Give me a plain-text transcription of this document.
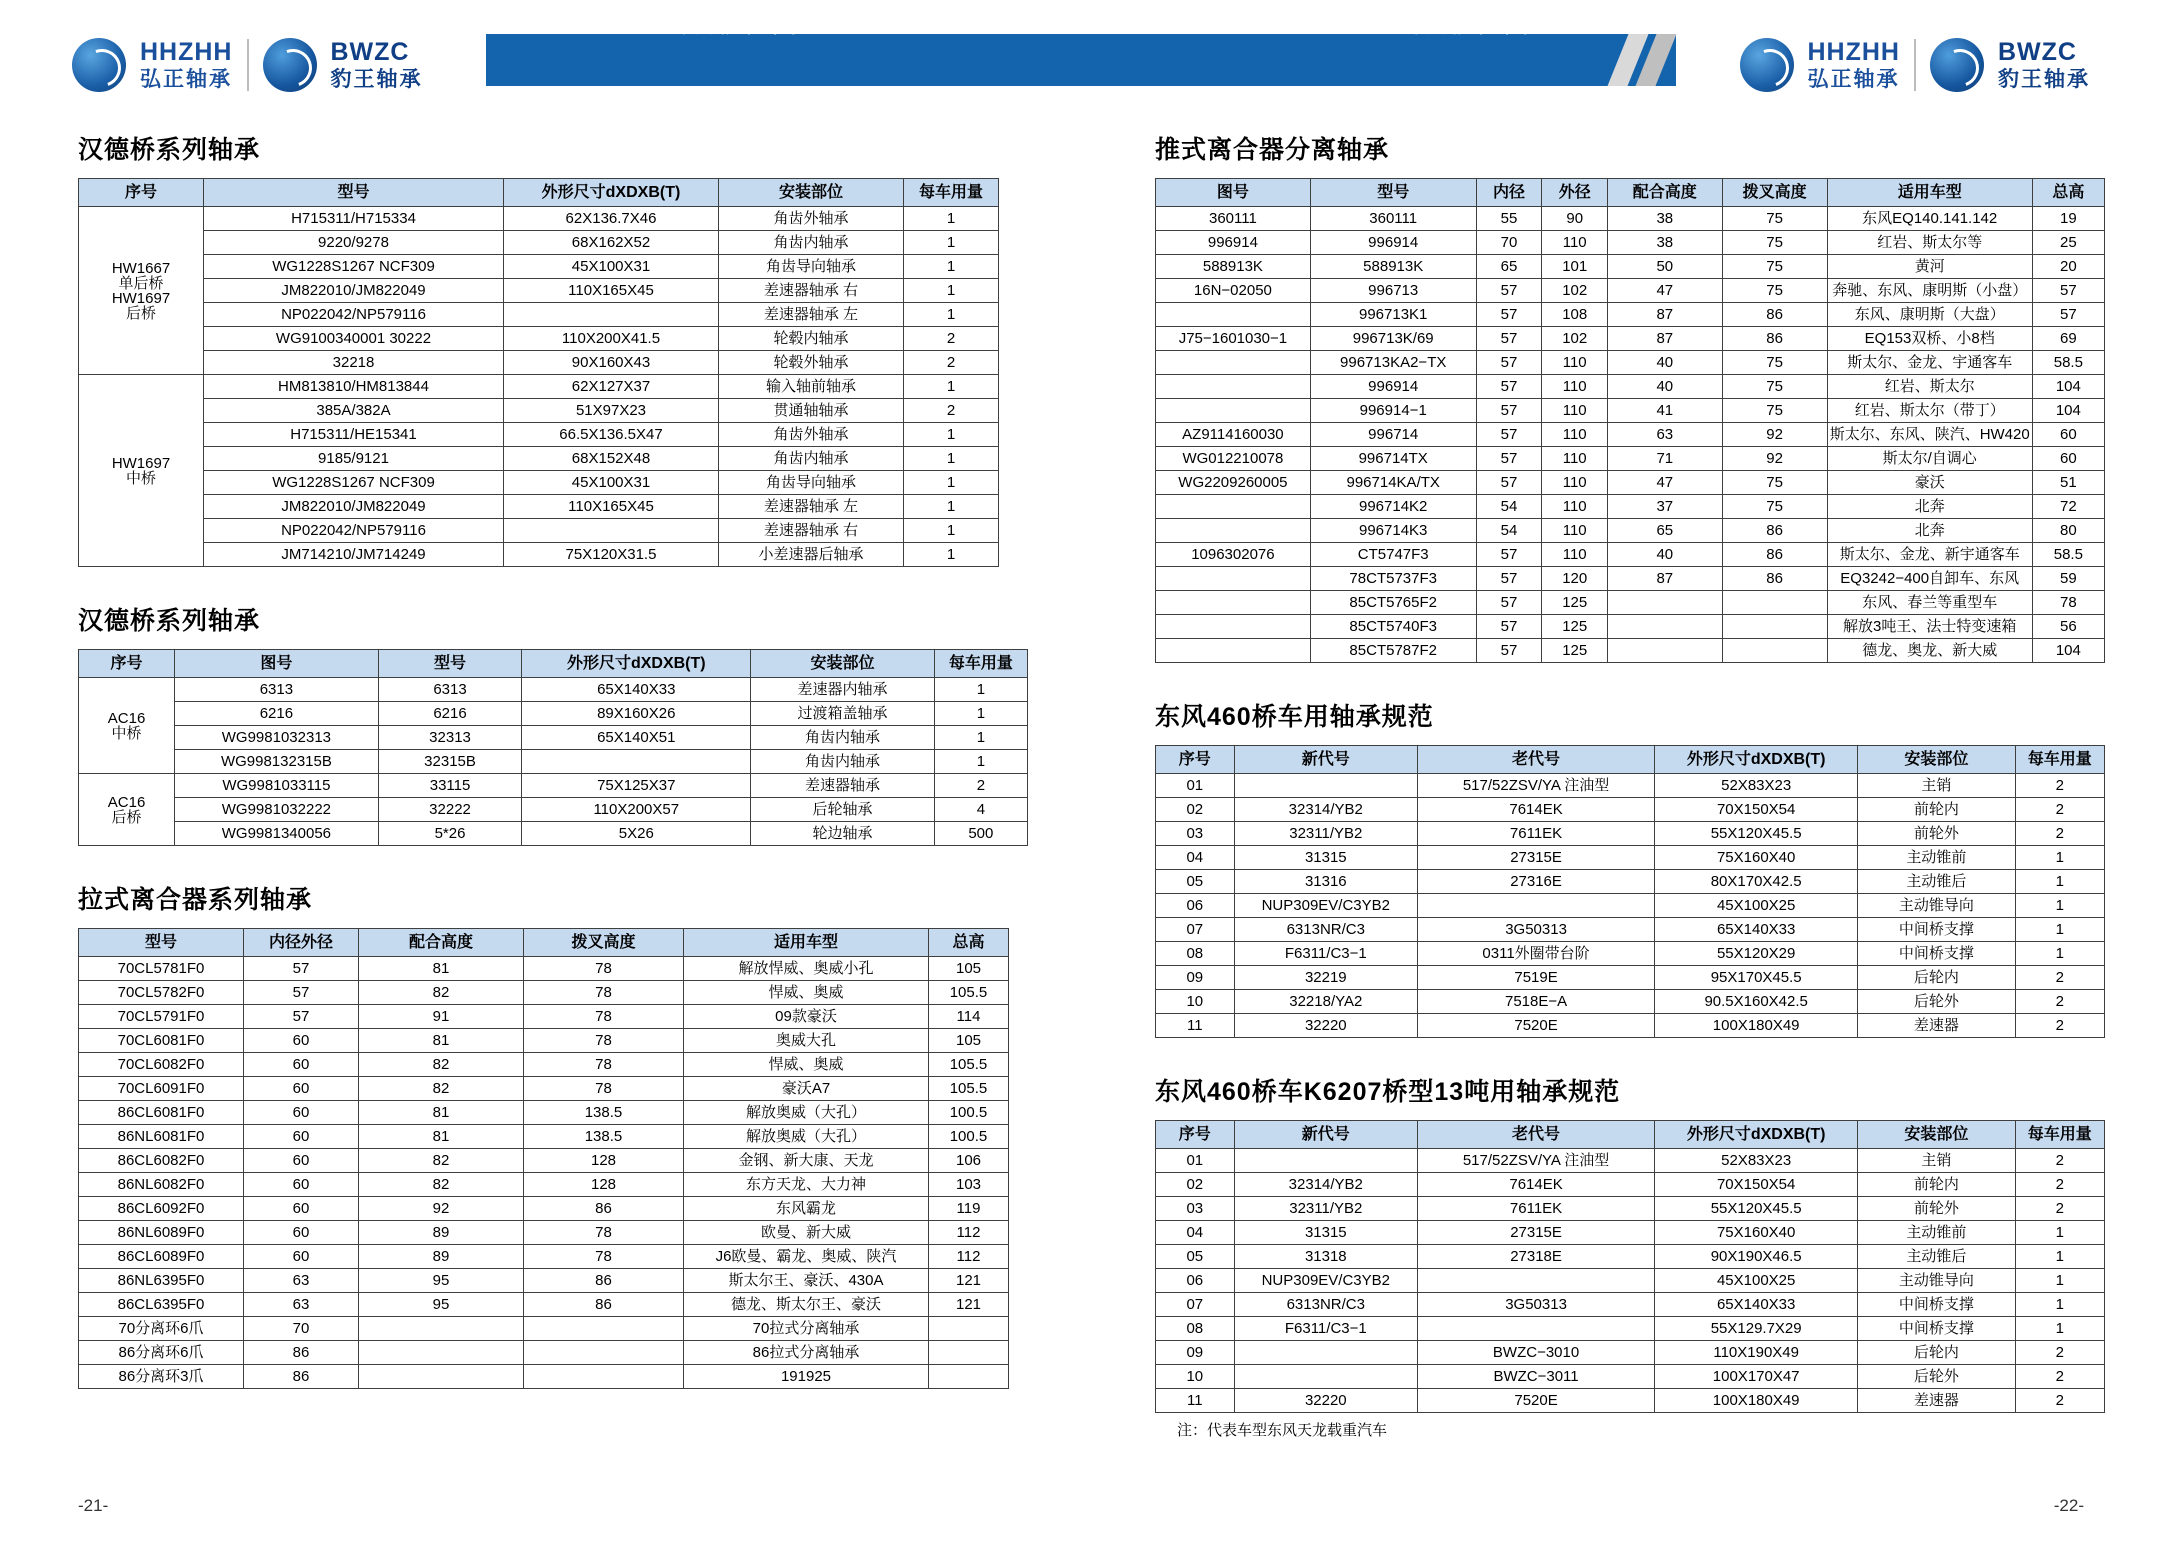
HHZHH
弘正轴承
BWZC
豹王轴承
100%车用轴承专家	100%车用轴承专家
HHZHH
弘正轴承
BWZC
豹王轴承
汉德桥系列轴承
序号	型号	外形尺寸dXDXB(T)	安装部位	每车用量
HW1667
单后桥
HW1697
后桥	H715311/H715334	62X136.7X46	角齿外轴承	1
	9220/9278	68X162X52	角齿内轴承	1
	WG1228S1267 NCF309	45X100X31	角齿导向轴承	1
	JM822010/JM822049	110X165X45	差速器轴承 右	1
	NP022042/NP579116		差速器轴承 左	1
	WG9100340001 30222	110X200X41.5	轮毂内轴承	2
	32218	90X160X43	轮毂外轴承	2
HW1697
中桥	HM813810/HM813844	62X127X37	输入轴前轴承	1
	385A/382A	51X97X23	贯通轴轴承	2
	H715311/HE15341	66.5X136.5X47	角齿外轴承	1
	9185/9121	68X152X48	角齿内轴承	1
	WG1228S1267 NCF309	45X100X31	角齿导向轴承	1
	JM822010/JM822049	110X165X45	差速器轴承 左	1
	NP022042/NP579116		差速器轴承 右	1
	JM714210/JM714249	75X120X31.5	小差速器后轴承	1
汉德桥系列轴承
序号	图号	型号	外形尺寸dXDXB(T)	安装部位	每车用量
AC16
中桥	6313	6313	65X140X33	差速器内轴承	1
	6216	6216	89X160X26	过渡箱盖轴承	1
	WG9981032313	32313	65X140X51	角齿内轴承	1
	WG998132315B	32315B		角齿内轴承	1
AC16
后桥	WG9981033115	33115	75X125X37	差速器轴承	2
	WG9981032222	32222	110X200X57	后轮轴承	4
	WG9981340056	5*26	5X26	轮边轴承	500
拉式离合器系列轴承
型号	内径外径	配合高度	拨叉高度	适用车型	总高
70CL5781F0	57	81	78	解放悍威、奥威小孔	105
70CL5782F0	57	82	78	悍威、奥威	105.5
70CL5791F0	57	91	78	09款豪沃	114
70CL6081F0	60	81	78	奥威大孔	105
70CL6082F0	60	82	78	悍威、奥威	105.5
70CL6091F0	60	82	78	豪沃A7	105.5
86CL6081F0	60	81	138.5	解放奥威（大孔）	100.5
86NL6081F0	60	81	138.5	解放奥威（大孔）	100.5
86CL6082F0	60	82	128	金钢、新大康、天龙	106
86NL6082F0	60	82	128	东方天龙、大力神	103
86CL6092F0	60	92	86	东风霸龙	119
86NL6089F0	60	89	78	欧曼、新大威	112
86CL6089F0	60	89	78	J6欧曼、霸龙、奥威、陕汽	112
86NL6395F0	63	95	86	斯太尔王、豪沃、430A	121
86CL6395F0	63	95	86	德龙、斯太尔王、豪沃	121
70分离环6爪	70			70拉式分离轴承	
86分离环6爪	86			86拉式分离轴承	
86分离环3爪	86			191925	
推式离合器分离轴承
图号	型号	内径	外径	配合高度	拨叉高度	适用车型	总高
360111	360111	55	90	38	75	东风EQ140.141.142	19
996914	996914	70	110	38	75	红岩、斯太尔等	25
588913K	588913K	65	101	50	75	黄河	20
16N−02050	996713	57	102	47	75	奔驰、东风、康明斯（小盘）	57
	996713K1	57	108	87	86	东风、康明斯（大盘）	57
J75−1601030−1	996713K/69	57	102	87	86	EQ153双桥、小8档	69
	996713KA2−TX	57	110	40	75	斯太尔、金龙、宇通客车	58.5
	996914	57	110	40	75	红岩、斯太尔	104
	996914−1	57	110	41	75	红岩、斯太尔（带丁）	104
AZ9114160030	996714	57	110	63	92	斯太尔、东风、陕汽、HW420	60
WG012210078	996714TX	57	110	71	92	斯太尔/自调心	60
WG2209260005	996714KA/TX	57	110	47	75	豪沃	51
	996714K2	54	110	37	75	北奔	72
	996714K3	54	110	65	86	北奔	80
1096302076	CT5747F3	57	110	40	86	斯太尔、金龙、新宇通客车	58.5
	78CT5737F3	57	120	87	86	EQ3242−400自卸车、东风	59
	85CT5765F2	57	125			东风、春兰等重型车	78
	85CT5740F3	57	125			解放3吨王、法士特变速箱	56
	85CT5787F2	57	125			德龙、奥龙、新大威	104
东风460桥车用轴承规范
序号	新代号	老代号	外形尺寸dXDXB(T)	安装部位	每车用量
01		517/52ZSV/YA 注油型	52X83X23	主销	2
02	32314/YB2	7614EK	70X150X54	前轮内	2
03	32311/YB2	7611EK	55X120X45.5	前轮外	2
04	31315	27315E	75X160X40	主动锥前	1
05	31316	27316E	80X170X42.5	主动锥后	1
06	NUP309EV/C3YB2		45X100X25	主动锥导向	1
07	6313NR/C3	3G50313	65X140X33	中间桥支撑	1
08	F6311/C3−1	0311外圈带台阶	55X120X29	中间桥支撑	1
09	32219	7519E	95X170X45.5	后轮内	2
10	32218/YA2	7518E−A	90.5X160X42.5	后轮外	2
11	32220	7520E	100X180X49	差速器	2
东风460桥车K6207桥型13吨用轴承规范
序号	新代号	老代号	外形尺寸dXDXB(T)	安装部位	每车用量
01		517/52ZSV/YA 注油型	52X83X23	主销	2
02	32314/YB2	7614EK	70X150X54	前轮内	2
03	32311/YB2	7611EK	55X120X45.5	前轮外	2
04	31315	27315E	75X160X40	主动锥前	1
05	31318	27318E	90X190X46.5	主动锥后	1
06	NUP309EV/C3YB2		45X100X25	主动锥导向	1
07	6313NR/C3	3G50313	65X140X33	中间桥支撑	1
08	F6311/C3−1		55X129.7X29	中间桥支撑	1
09		BWZC−3010	110X190X49	后轮内	2
10		BWZC−3011	100X170X47	后轮外	2
11	32220	7520E	100X180X49	差速器	2
注：代表车型东风天龙载重汽车
-21-	-22-
